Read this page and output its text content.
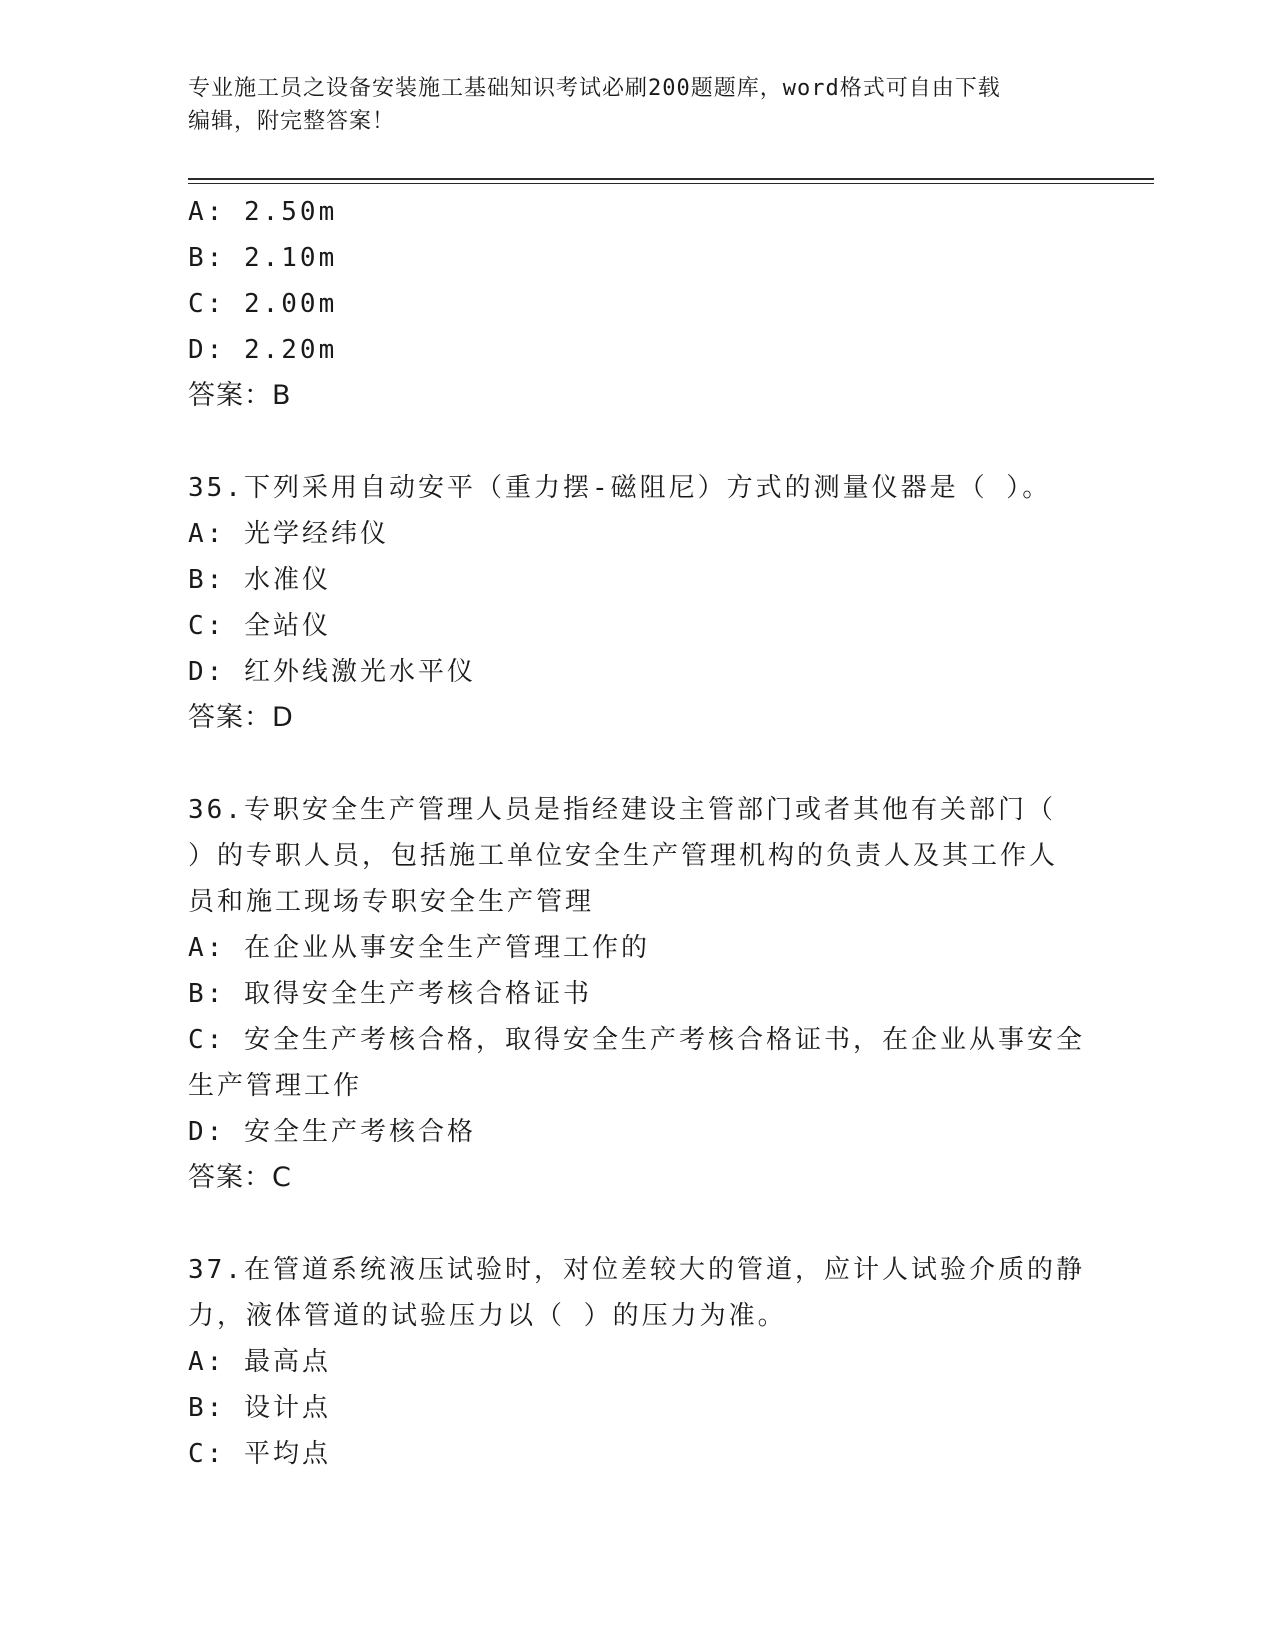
专业施工员之设备安装施工基础知识考试必刷200题题库，word格式可自由下载
编辑，附完整答案！
A: 2.50m
B: 2.10m
C: 2.00m
D: 2.20m
答案：B
35.下列采用自动安平（重力摆-磁阻尼）方式的测量仪器是（ ）。
A: 光学经纬仪
B: 水准仪
C: 全站仪
D: 红外线激光水平仪
答案：D
36.专职安全生产管理人员是指经建设主管部门或者其他有关部门（
）的专职人员，包括施工单位安全生产管理机构的负责人及其工作人
员和施工现场专职安全生产管理
A: 在企业从事安全生产管理工作的
B: 取得安全生产考核合格证书
C: 安全生产考核合格，取得安全生产考核合格证书，在企业从事安全
生产管理工作
D: 安全生产考核合格
答案：C
37.在管道系统液压试验时，对位差较大的管道，应计人试验介质的静
力，液体管道的试验压力以（ ）的压力为准。
A: 最高点
B: 设计点
C: 平均点
